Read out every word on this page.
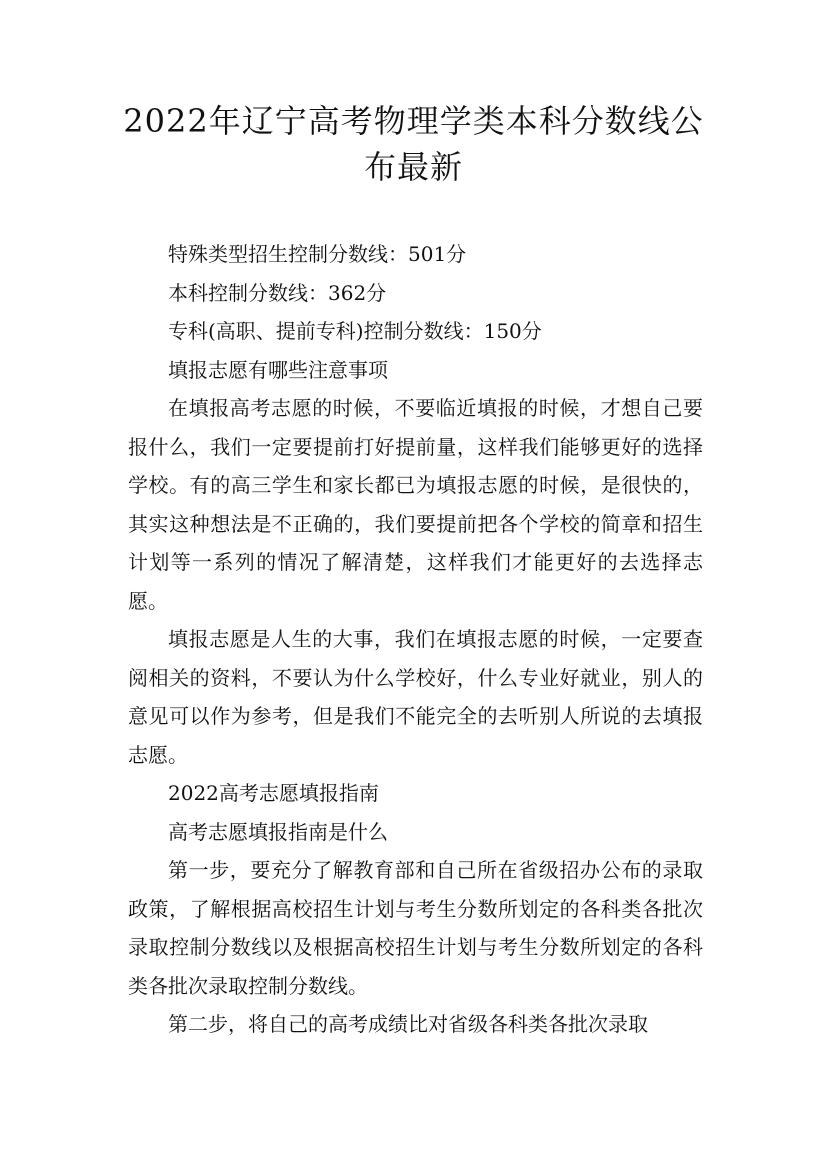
2022年辽宁高考物理学类本科分数线公布最新

特殊类型招生控制分数线：501分

本科控制分数线：362分

专科(高职、提前专科)控制分数线：150分

填报志愿有哪些注意事项

在填报高考志愿的时候，不要临近填报的时候，才想自己要报什么，我们一定要提前打好提前量，这样我们能够更好的选择学校。有的高三学生和家长都已为填报志愿的时候，是很快的，其实这种想法是不正确的，我们要提前把各个学校的简章和招生计划等一系列的情况了解清楚，这样我们才能更好的去选择志愿。

填报志愿是人生的大事，我们在填报志愿的时候，一定要查阅相关的资料，不要认为什么学校好，什么专业好就业，别人的意见可以作为参考，但是我们不能完全的去听别人所说的去填报志愿。

2022高考志愿填报指南

高考志愿填报指南是什么

第一步，要充分了解教育部和自己所在省级招办公布的录取政策，了解根据高校招生计划与考生分数所划定的各科类各批次录取控制分数线以及根据高校招生计划与考生分数所划定的各科类各批次录取控制分数线。

第二步，将自己的高考成绩比对省级各科类各批次录取
